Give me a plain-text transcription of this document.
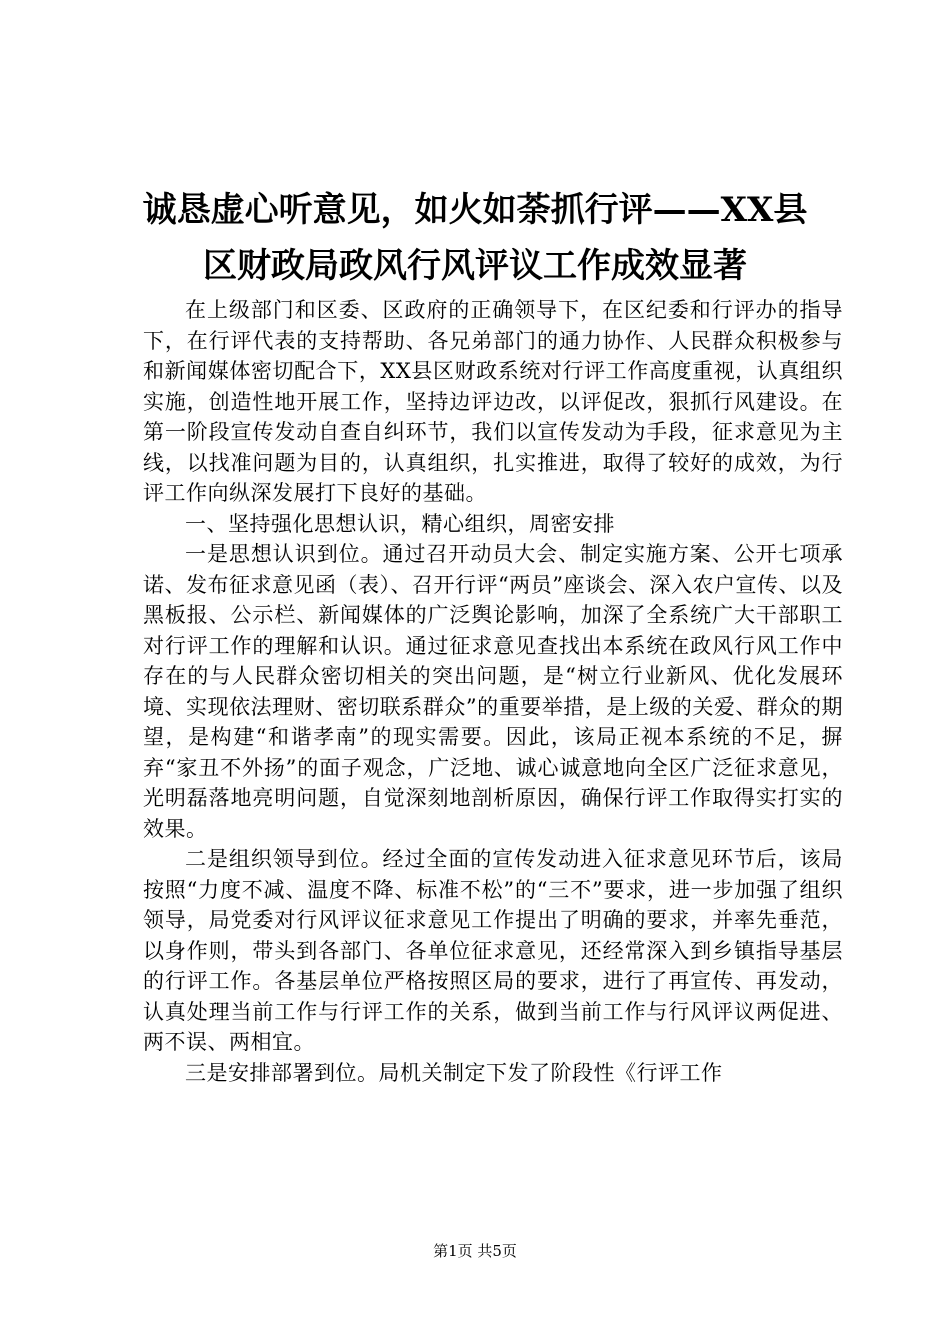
诚恳虚心听意见，如火如荼抓行评——XX县
区财政局政风行风评议工作成效显著

在上级部门和区委、区政府的正确领导下，在区纪委和行评办的指导下，在行评代表的支持帮助、各兄弟部门的通力协作、人民群众积极参与和新闻媒体密切配合下，XX县区财政系统对行评工作高度重视，认真组织实施，创造性地开展工作，坚持边评边改，以评促改，狠抓行风建设。在第一阶段宣传发动自查自纠环节，我们以宣传发动为手段，征求意见为主线，以找准问题为目的，认真组织，扎实推进，取得了较好的成效，为行评工作向纵深发展打下良好的基础。

一、坚持强化思想认识，精心组织，周密安排

一是思想认识到位。通过召开动员大会、制定实施方案、公开七项承诺、发布征求意见函（表）、召开行评“两员”座谈会、深入农户宣传、以及黑板报、公示栏、新闻媒体的广泛舆论影响，加深了全系统广大干部职工对行评工作的理解和认识。通过征求意见查找出本系统在政风行风工作中存在的与人民群众密切相关的突出问题，是“树立行业新风、优化发展环境、实现依法理财、密切联系群众”的重要举措，是上级的关爱、群众的期望，是构建“和谐孝南”的现实需要。因此，该局正视本系统的不足，摒弃“家丑不外扬”的面子观念，广泛地、诚心诚意地向全区广泛征求意见，光明磊落地亮明问题，自觉深刻地剖析原因，确保行评工作取得实打实的效果。

二是组织领导到位。经过全面的宣传发动进入征求意见环节后，该局按照“力度不减、温度不降、标准不松”的“三不”要求，进一步加强了组织领导，局党委对行风评议征求意见工作提出了明确的要求，并率先垂范，以身作则，带头到各部门、各单位征求意见，还经常深入到乡镇指导基层的行评工作。各基层单位严格按照区局的要求，进行了再宣传、再发动，认真处理当前工作与行评工作的关系，做到当前工作与行风评议两促进、两不误、两相宜。

三是安排部署到位。局机关制定下发了阶段性《行评工作

第1页 共5页
